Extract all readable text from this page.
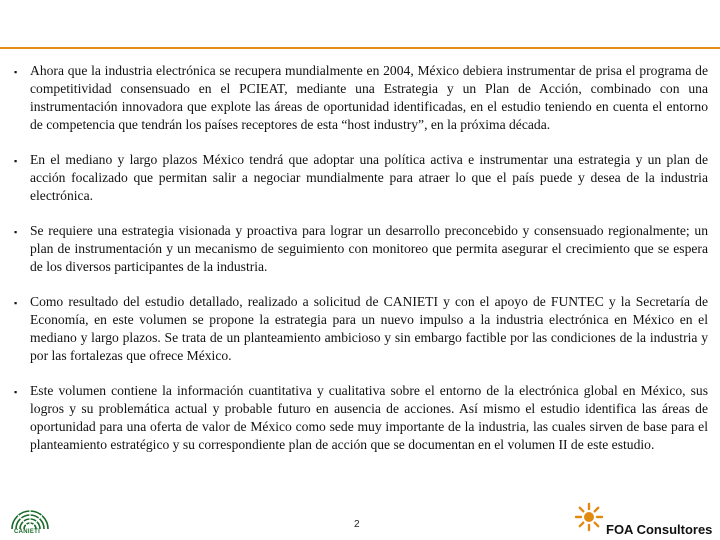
▪ Ahora que la industria electrónica se recupera mundialmente en 2004, México debiera instrumentar de prisa el programa de competitividad consensuado en el PCIEAT, mediante una Estrategia y un Plan de Acción, combinado con una instrumentación innovadora que explote las áreas de oportunidad identificadas, en el estudio teniendo en cuenta el entorno de competencia que tendrán los países receptores de esta “host industry”, en la próxima década.
▪ En el mediano y largo plazos México tendrá que adoptar una política activa e instrumentar una estrategia y un plan de acción focalizado que permitan salir a negociar mundialmente para atraer lo que el país puede y desea de la industria electrónica.
▪ Se requiere una estrategia visionada y proactiva para lograr un desarrollo preconcebido y consensuado regionalmente; un plan de instrumentación y un mecanismo de seguimiento con monitoreo que permita asegurar el crecimiento que se espera de los diversos participantes de la industria.
▪ Como resultado del estudio detallado, realizado a solicitud de CANIETI y con el apoyo de FUNTEC y la Secretaría de Economía, en este volumen se propone la estrategia para un nuevo impulso a la industria electrónica en México en el mediano y largo plazos. Se trata de un planteamiento ambicioso y sin embargo factible por las condiciones de la industria y por las fortalezas que ofrece México.
▪ Este volumen contiene la información cuantitativa y cualitativa sobre el entorno de la electrónica global en México, sus logros y su problemática actual y probable futuro en ausencia de acciones. Así mismo el estudio identifica las áreas de oportunidad para una oferta de valor de México como sede muy importante de la industria, las cuales sirven de base para el planteamiento estratégico y su correspondiente plan de acción que se documentan en el volumen II de este estudio.
CANIETI
2	FOA Consultores
